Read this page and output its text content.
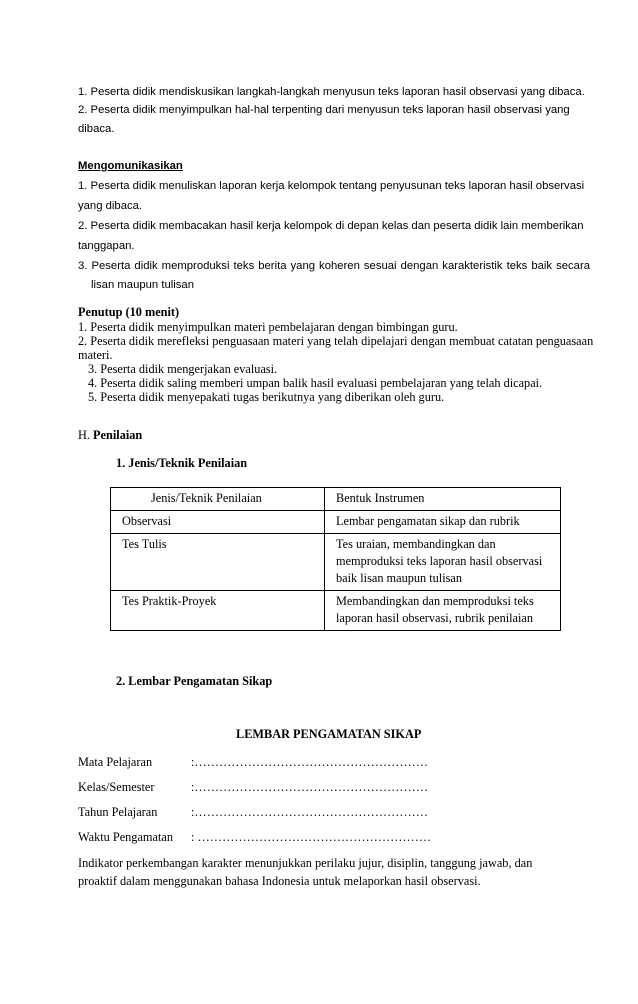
1. Peserta didik mendiskusikan langkah-langkah menyusun teks laporan hasil observasi yang dibaca.
2. Peserta didik menyimpulkan hal-hal terpenting dari menyusun teks laporan hasil observasi yang
dibaca.
Mengomunikasikan
1. Peserta didik menuliskan laporan kerja kelompok tentang penyusunan teks laporan hasil observasi
yang dibaca.
2. Peserta didik membacakan hasil kerja kelompok di depan kelas dan peserta didik lain memberikan
tanggapan.
3. Peserta didik memproduksi teks berita yang koheren sesuai dengan karakteristik teks baik secara
lisan maupun tulisan
Penutup (10 menit)
1. Peserta didik menyimpulkan materi pembelajaran dengan bimbingan guru.
2. Peserta didik merefleksi penguasaan materi yang telah dipelajari dengan membuat catatan penguasaan
materi.
3. Peserta didik mengerjakan evaluasi.
4. Peserta didik saling memberi umpan balik hasil evaluasi pembelajaran yang telah dicapai.
5. Peserta didik menyepakati tugas berikutnya yang diberikan oleh guru.
H. Penilaian
1. Jenis/Teknik Penilaian
Jenis/Teknik Penilaian	Bentuk Instrumen
Observasi	Lembar pengamatan sikap dan rubrik
Tes Tulis	Tes uraian, membandingkan dan memproduksi teks laporan hasil observasi baik lisan maupun tulisan
Tes Praktik-Proyek	Membandingkan dan memproduksi teks laporan hasil observasi, rubrik penilaian
2. Lembar Pengamatan Sikap
LEMBAR PENGAMATAN SIKAP
Mata Pelajaran	:…………………………………………………
Kelas/Semester	:…………………………………………………
Tahun Pelajaran	:…………………………………………………
Waktu Pengamatan : …………………………………………………
Indikator perkembangan karakter menunjukkan perilaku jujur, disiplin, tanggung jawab, dan
proaktif dalam menggunakan bahasa Indonesia untuk melaporkan hasil observasi.
